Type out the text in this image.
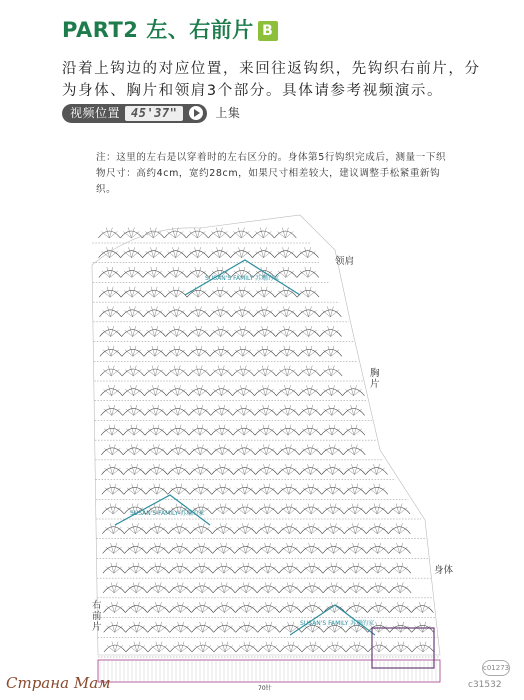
PART2 左、右前片 B
沿着上钩边的对应位置，来回往返钩织，先钩织右前片，分为身体、胸片和领肩3个部分。具体请参考视频演示。
视频位置 45'37"	上集
注：这里的左右是以穿着时的左右区分的。身体第5行钩织完成后，测量一下织物尺寸：高约4cm，宽约28cm，如果尺寸相差较大，建议调整手松紧重新钩织。
SUSAN'S FAMILY 苏珊的家
SUSAN'S FAMILY 苏珊的家
SUSAN'S FAMILY 苏珊的家
领肩
胸片
身体
右前片
70针
Страна Мам
c01273
c31532
